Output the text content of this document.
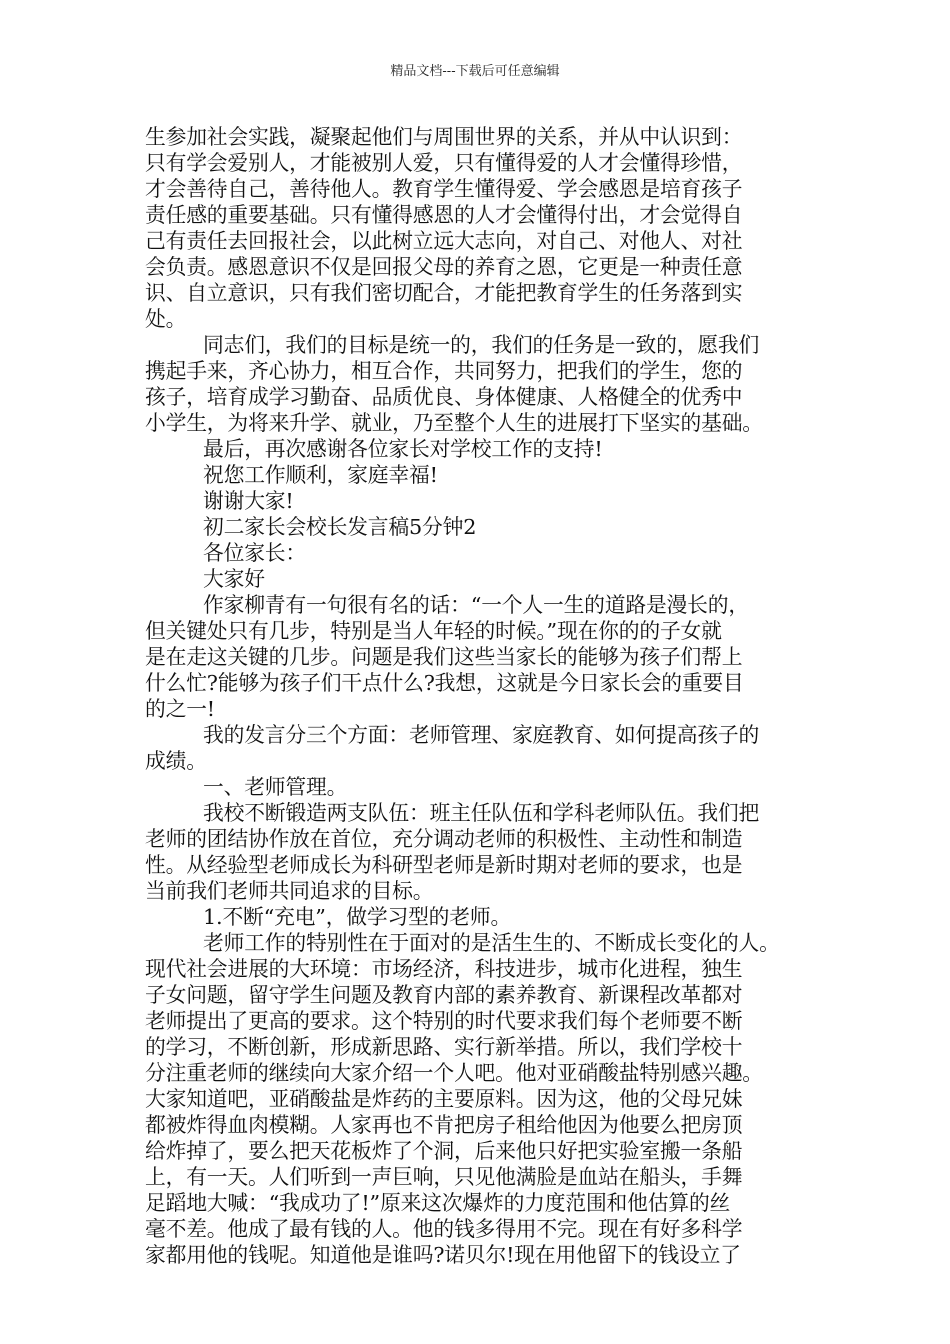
精品文档---下载后可任意编辑
生参加社会实践，凝聚起他们与周围世界的关系，并从中认识到：
只有学会爱别人，才能被别人爱，只有懂得爱的人才会懂得珍惜，
才会善待自己，善待他人。教育学生懂得爱、学会感恩是培育孩子
责任感的重要基础。只有懂得感恩的人才会懂得付出，才会觉得自
己有责任去回报社会，以此树立远大志向，对自己、对他人、对社
会负责。感恩意识不仅是回报父母的养育之恩，它更是一种责任意
识、自立意识，只有我们密切配合，才能把教育学生的任务落到实
处。
同志们，我们的目标是统一的，我们的任务是一致的，愿我们
携起手来，齐心协力，相互合作，共同努力，把我们的学生，您的
孩子，培育成学习勤奋、品质优良、身体健康、人格健全的优秀中
小学生，为将来升学、就业，乃至整个人生的进展打下坚实的基础。
最后，再次感谢各位家长对学校工作的支持!
祝您工作顺利，家庭幸福!
谢谢大家!
初二家长会校长发言稿5分钟2
各位家长：
大家好
作家柳青有一句很有名的话：“一个人一生的道路是漫长的，
但关键处只有几步，特别是当人年轻的时候。”现在你的的子女就
是在走这关键的几步。问题是我们这些当家长的能够为孩子们帮上
什么忙?能够为孩子们干点什么?我想，这就是今日家长会的重要目
的之一!
我的发言分三个方面：老师管理、家庭教育、如何提高孩子的
成绩。
一、老师管理。
我校不断锻造两支队伍：班主任队伍和学科老师队伍。我们把
老师的团结协作放在首位，充分调动老师的积极性、主动性和制造
性。从经验型老师成长为科研型老师是新时期对老师的要求，也是
当前我们老师共同追求的目标。
1.不断“充电”，做学习型的老师。
老师工作的特别性在于面对的是活生生的、不断成长变化的人。
现代社会进展的大环境：市场经济，科技进步，城市化进程，独生
子女问题，留守学生问题及教育内部的素养教育、新课程改革都对
老师提出了更高的要求。这个特别的时代要求我们每个老师要不断
的学习，不断创新，形成新思路、实行新举措。所以，我们学校十
分注重老师的继续向大家介绍一个人吧。他对亚硝酸盐特别感兴趣。
大家知道吧，亚硝酸盐是炸药的主要原料。因为这，他的父母兄妹
都被炸得血肉模糊。人家再也不肯把房子租给他因为他要么把房顶
给炸掉了，要么把天花板炸了个洞，后来他只好把实验室搬一条船
上，有一天。人们听到一声巨响，只见他满脸是血站在船头，手舞
足蹈地大喊：“我成功了!”原来这次爆炸的力度范围和他估算的丝
毫不差。他成了最有钱的人。他的钱多得用不完。现在有好多科学
家都用他的钱呢。知道他是谁吗?诺贝尔!现在用他留下的钱设立了
